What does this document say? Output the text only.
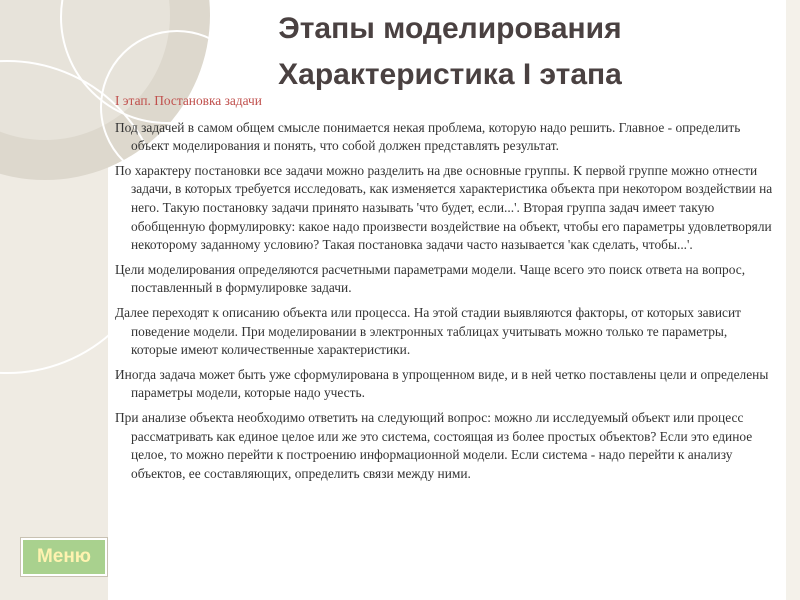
Этапы моделирования
Характеристика I этапа

I этап. Постановка задачи

Под задачей в самом общем смысле понимается некая проблема, которую надо решить. Главное - определить объект моделирования и понять, что собой должен представлять результат.

По характеру постановки все задачи можно разделить на две основные группы. К первой группе можно отнести задачи, в которых требуется исследовать, как изменяется характеристика объекта при некотором воздействии на него. Такую постановку задачи принято называть 'что будет, если...'. Вторая группа задач имеет такую обобщенную формулировку: какое надо произвести воздействие на объект, чтобы его параметры удовлетворяли некоторому заданному условию? Такая постановка задачи часто называется 'как сделать, чтобы...'.

Цели моделирования определяются расчетными параметрами модели. Чаще всего это поиск ответа на вопрос, поставленный в формулировке задачи.

Далее переходят к описанию объекта или процесса. На этой стадии выявляются факторы, от которых зависит поведение модели. При моделировании в электронных таблицах учитывать можно только те параметры, которые имеют количественные характеристики.

Иногда задача может быть уже сформулирована в упрощенном виде, и в ней четко поставлены цели и определены параметры модели, которые надо учесть.

При анализе объекта необходимо ответить на следующий вопрос: можно ли исследуемый объект или процесс рассматривать как единое целое или же это система, состоящая из более простых объектов? Если это единое целое, то можно перейти к построению информационной модели. Если система - надо перейти к анализу объектов, ее составляющих, определить связи между ними.

Меню
